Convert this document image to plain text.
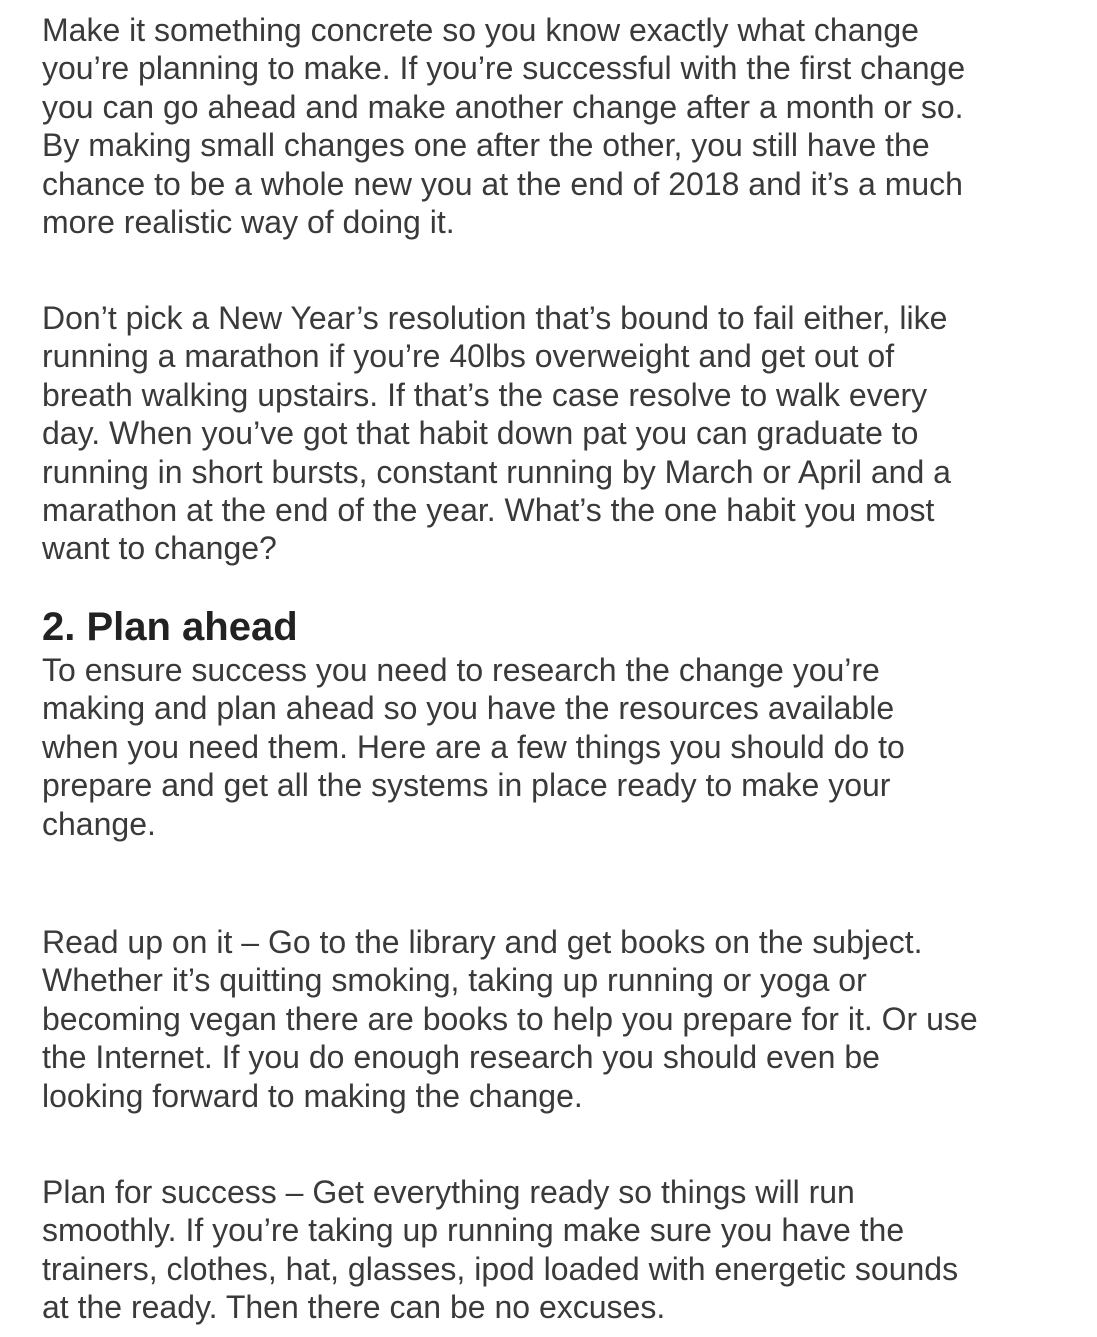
Make it something concrete so you know exactly what change
you’re planning to make. If you’re successful with the first change
you can go ahead and make another change after a month or so.
By making small changes one after the other, you still have the
chance to be a whole new you at the end of 2018 and it’s a much
more realistic way of doing it.

Don’t pick a New Year’s resolution that’s bound to fail either, like
running a marathon if you’re 40lbs overweight and get out of
breath walking upstairs. If that’s the case resolve to walk every
day. When you’ve got that habit down pat you can graduate to
running in short bursts, constant running by March or April and a
marathon at the end of the year. What’s the one habit you most
want to change?

2. Plan ahead

To ensure success you need to research the change you’re
making and plan ahead so you have the resources available
when you need them. Here are a few things you should do to
prepare and get all the systems in place ready to make your
change.

Read up on it – Go to the library and get books on the subject.
Whether it’s quitting smoking, taking up running or yoga or
becoming vegan there are books to help you prepare for it. Or use
the Internet. If you do enough research you should even be
looking forward to making the change.

Plan for success – Get everything ready so things will run
smoothly. If you’re taking up running make sure you have the
trainers, clothes, hat, glasses, ipod loaded with energetic sounds
at the ready. Then there can be no excuses.
